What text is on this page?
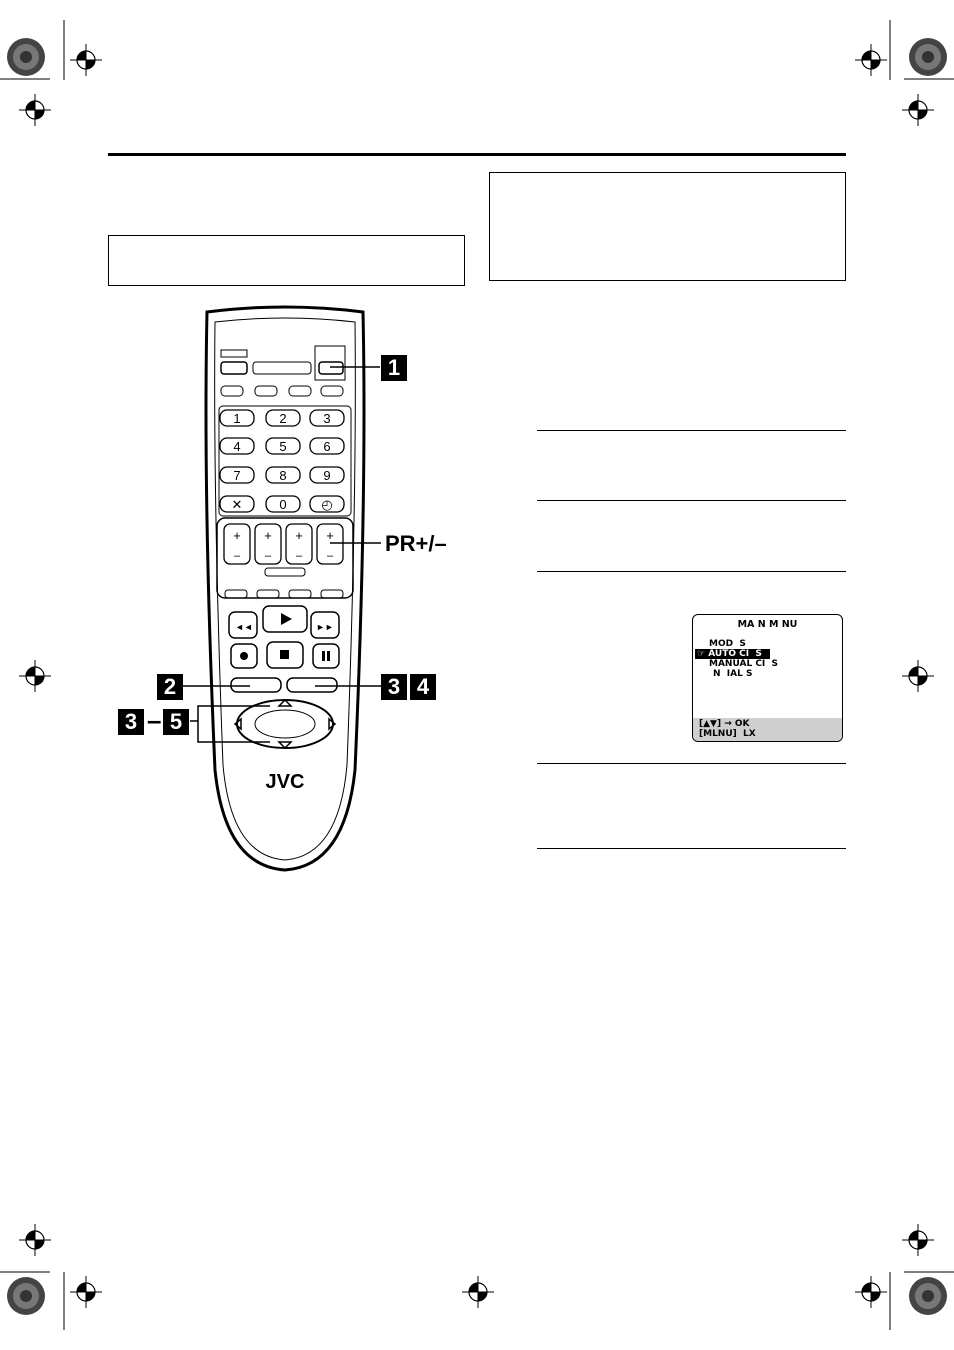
1	2	3
4	5	6
7	8	9
✕	0	◴
+
–
+
–
+
–
+
–
◄◄	►►
JVC
1
PR+/–
2	3 4
3 – 5
MA N M NU
MOD  S
☞ AUTO CI  S
MANUAL CI  S
N  IAL S
[▲▼] → OK
[MLNU]  LX
